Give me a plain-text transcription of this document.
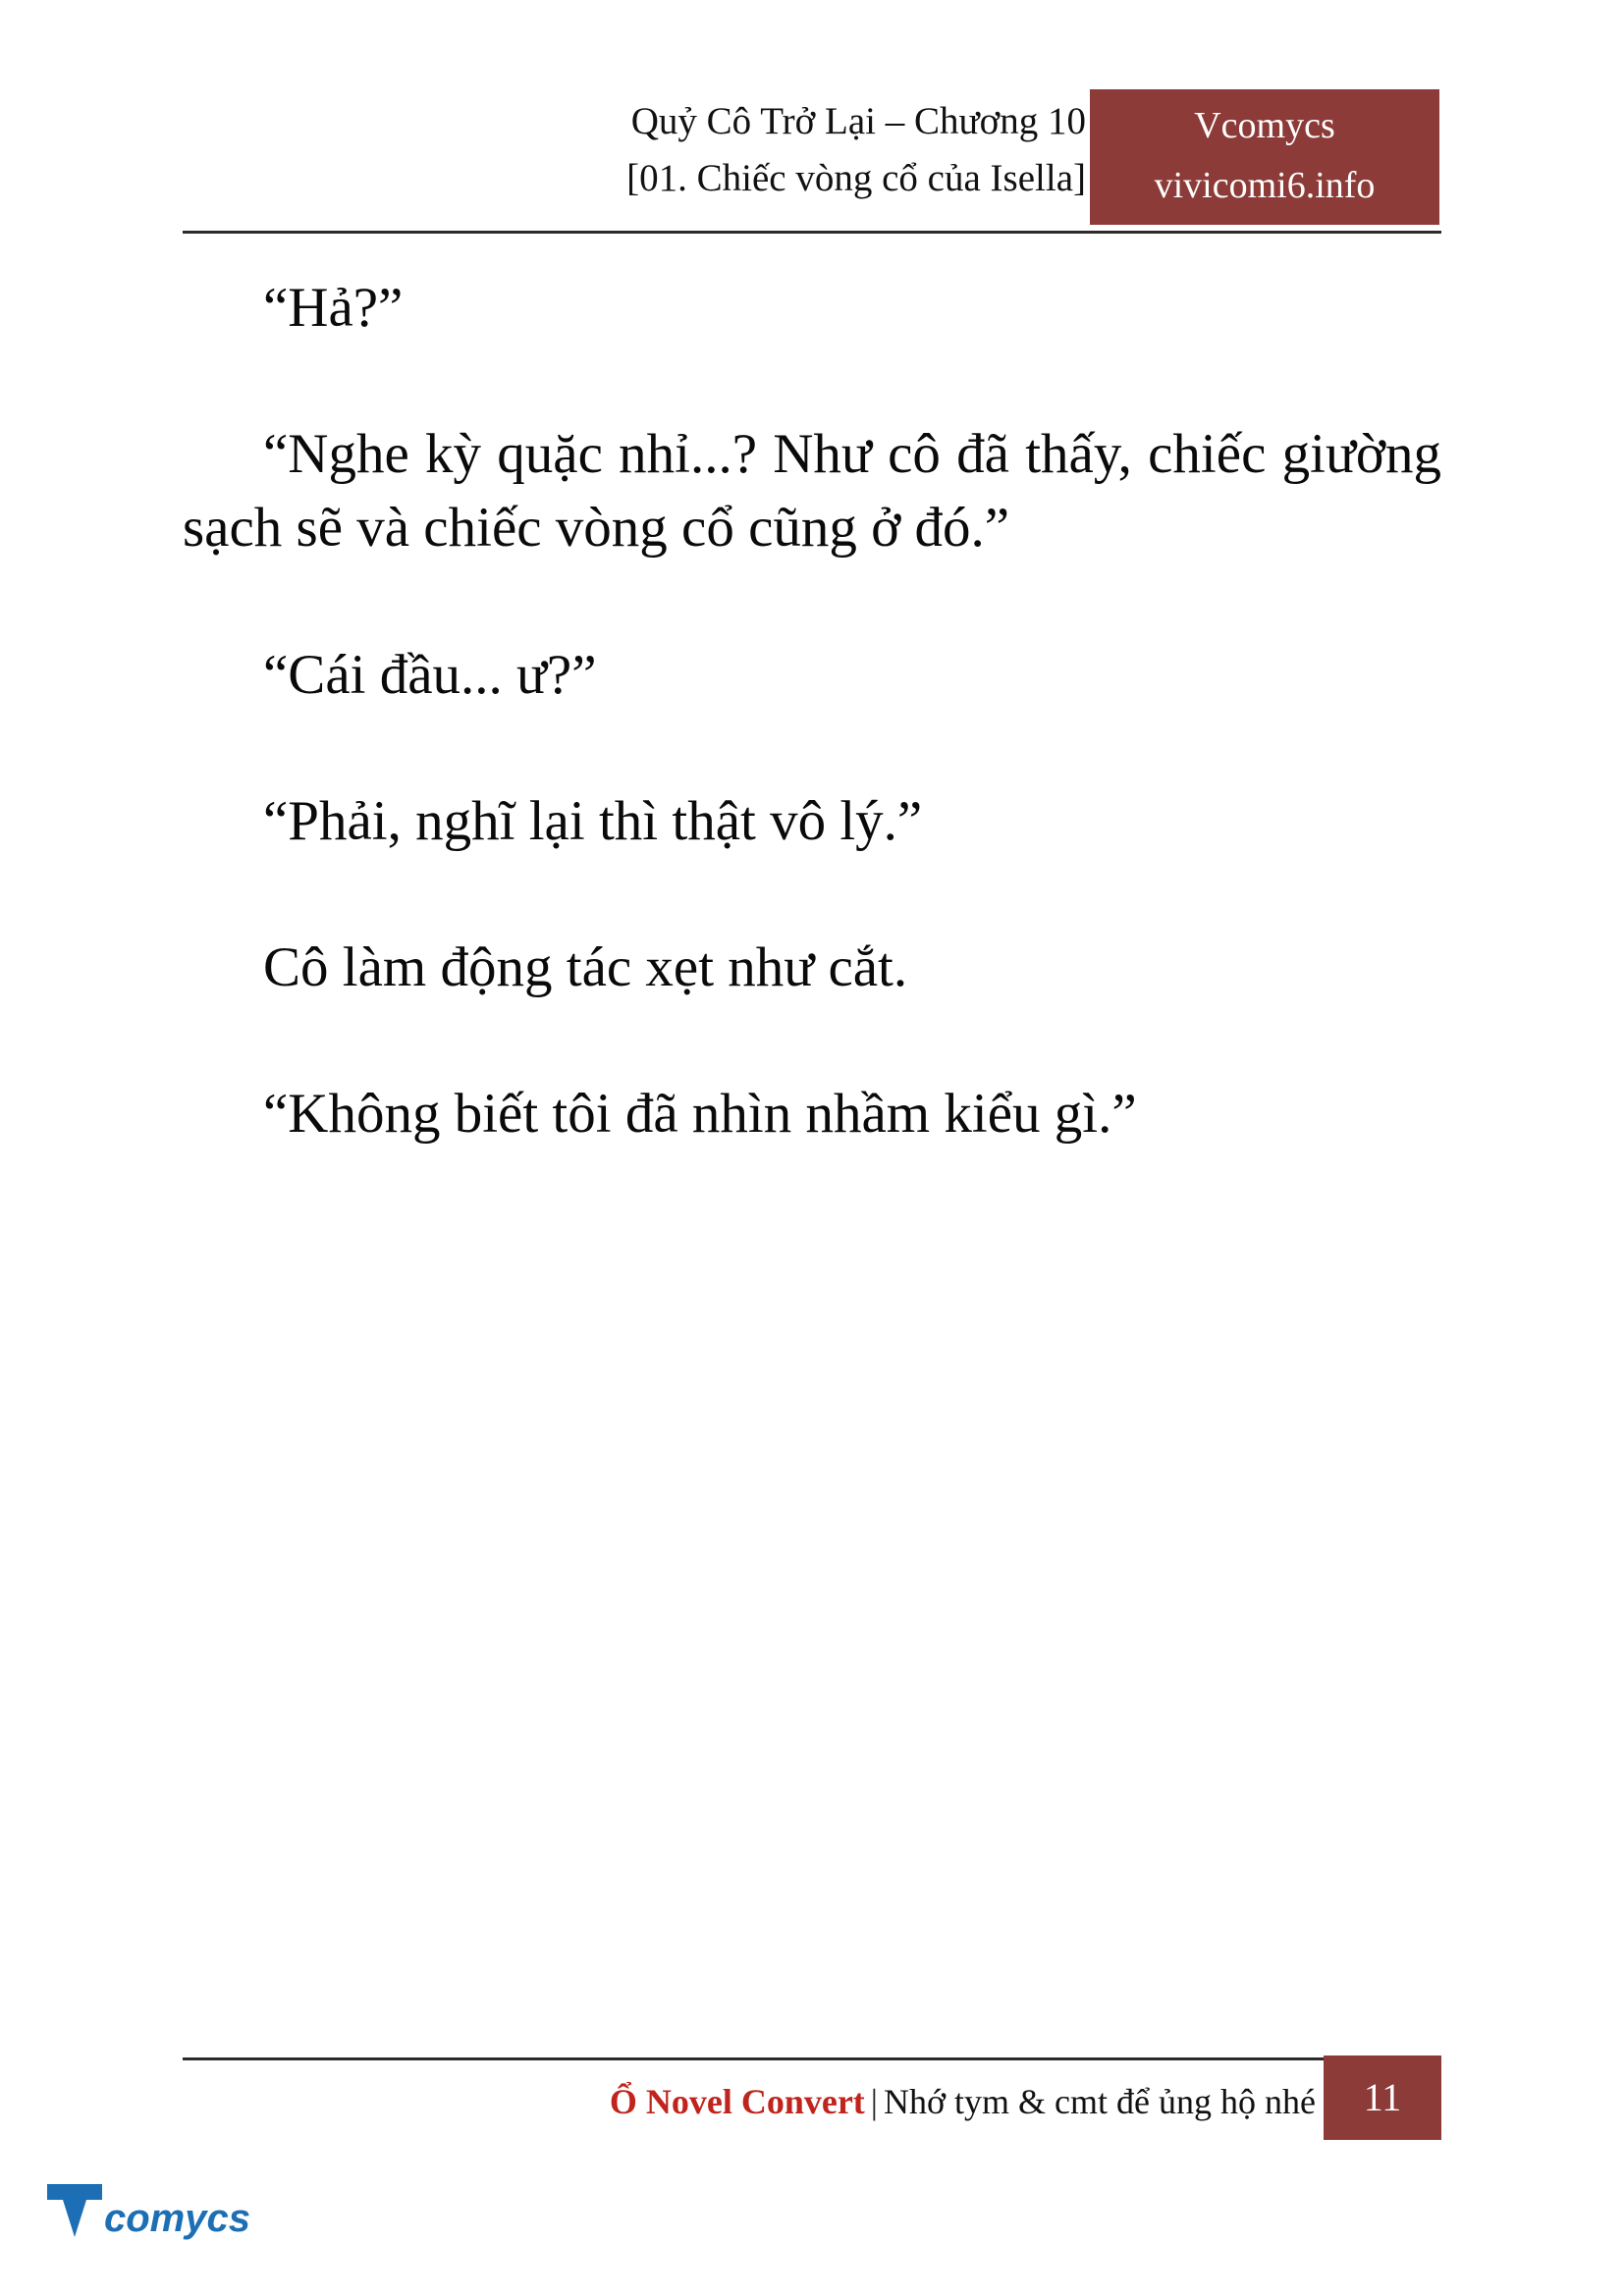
Quỷ Cô Trở Lại – Chương 10
[01. Chiếc vòng cổ của Isella]
Vcomycs
vivicomi6.info

“Hả?”

“Nghe kỳ quặc nhỉ...? Như cô đã thấy, chiếc giường sạch sẽ và chiếc vòng cổ cũng ở đó.”

“Cái đầu... ư?”

“Phải, nghĩ lại thì thật vô lý.”

Cô làm động tác xẹt như cắt.

“Không biết tôi đã nhìn nhầm kiểu gì.”

Ổ Novel Convert | Nhớ tym & cmt để ủng hộ nhé	11
comycs
